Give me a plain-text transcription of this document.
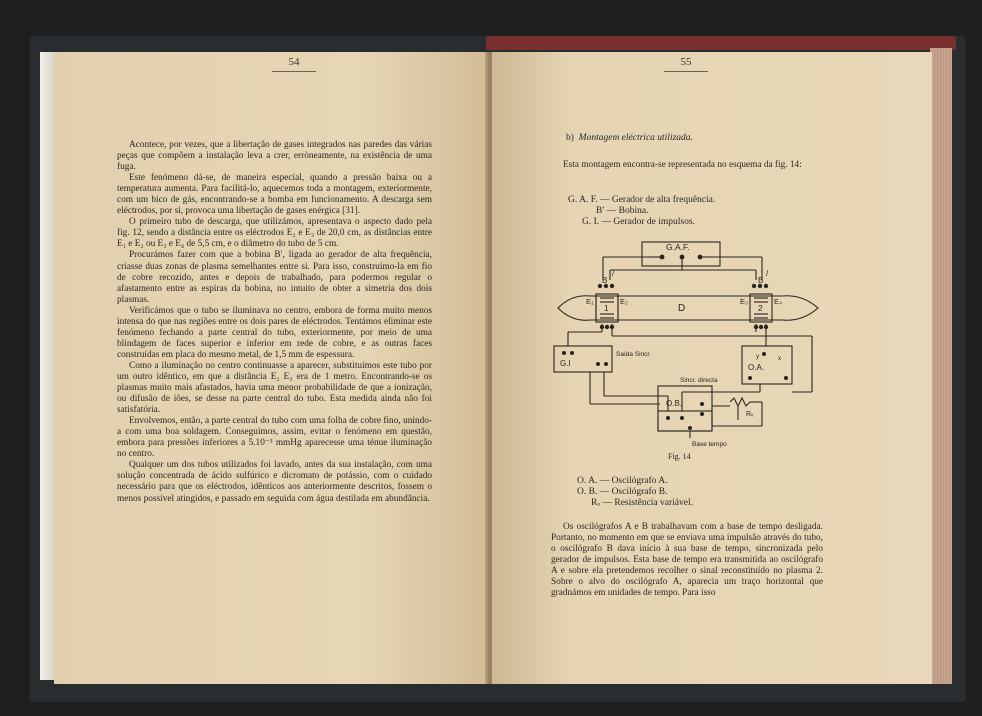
54

Acontece, por vezes, que a libertação de gases integrados nas paredes das várias peças que compõem a instalação leva a crer, erròneamente, na existência de uma fuga.

Este fenómeno dá-se, de maneira especial, quando a pressão baixa ou a temperatura aumenta. Para facilitá-lo, aquecemos toda a montagem, exteriormente, com um bico de gás, encontrando-se a bomba em funcionamento. A descarga sem eléctrodos, por si, provoca uma libertação de gases enérgica [31].

O primeiro tubo de descarga, que utilizámos, apresentava o aspecto dado pela fig. 12, sendo a distância entre os eléctrodos E₂ e E₃ de 20,0 cm, as distâncias entre E₁ e E₂ ou E₃ e E₄ de 5,5 cm, e o diâmetro do tubo de 5 cm.

Procurámos fazer com que a bobina B′, ligada ao gerador de alta frequência, criasse duas zonas de plasma semelhantes entre si. Para isso, construímo-la em fio de cobre recozido, antes e depois de trabalhado, para podermos regular o afastamento entre as espiras da bobina, no intuito de obter a simetria dos dois plasmas.

Verificámos que o tubo se iluminava no centro, embora de forma muito menos intensa do que nas regiões entre os dois pares de eléctrodos. Tentámos eliminar este fenómeno fechando a parte central do tubo, exteriormente, por meio de uma blindagem de faces superior e inferior em rede de cobre, e as outras faces construídas em placa do mesmo metal, de 1,5 mm de espessura.

Como a iluminação no centro continuasse a aparecer, substituímos este tubo por um outro idêntico, em que a distância E₂ E₃ era de 1 metro. Encontrando-se os plasmas muito mais afastados, havia uma menor probabilidade de que a ionização, ou difusão de iões, se desse na parte central do tubo. Esta medida ainda não foi satisfatória.

Envolvemos, então, a parte central do tubo com uma folha de cobre fino, unindo-a com uma boa soldagem. Conseguimos, assim, evitar o fenómeno em questão, embora para pressões inferiores a 5.10⁻³ mmHg aparecesse uma ténue iluminação no centro.

Qualquer um dos tubos utilizados foi lavado, antes da sua instalação, com uma solução concentrada de ácido sulfúrico e dicromato de potássio, com o cuidado necessário para que os eléctrodos, idênticos aos anteriormente descritos, fossem o menos possível atingidos, e passado em seguida com água destilada em abundância.

55
b) Montagem eléctrica utilizada.

Esta montagem encontra-se representada no esquema da fig. 14:

G. A. F. — Gerador de alta frequência.
B′ — Bobina.
G. I. — Gerador de impulsos.
G.A.F.
B
/
B
/
E₁	E₂	E₃	E₄
D
1	2
G.I
Saída Sincr.
O.A.
y	x
Sincr. directa
O.B.
Rᵥ
Base tempo
Fig. 14
O. A. — Oscilógrafo A.
O. B. — Oscilógrafo B.
Rᵥ — Resistência variável.

Os oscilógrafos A e B trabalhavam com a base de tempo desligada. Portanto, no momento em que se enviava uma impulsão através do tubo, o oscilógrafo B dava início à sua base de tempo, sincronizada pelo gerador de impulsos. Esta base de tempo era transmitida ao oscilógrafo A e sobre ela pretendemos recolher o sinal reconstituído no plasma 2. Sobre o alvo do oscilógrafo A, aparecia um traço horizontal que gradnámos em unidades de tempo. Para isso
